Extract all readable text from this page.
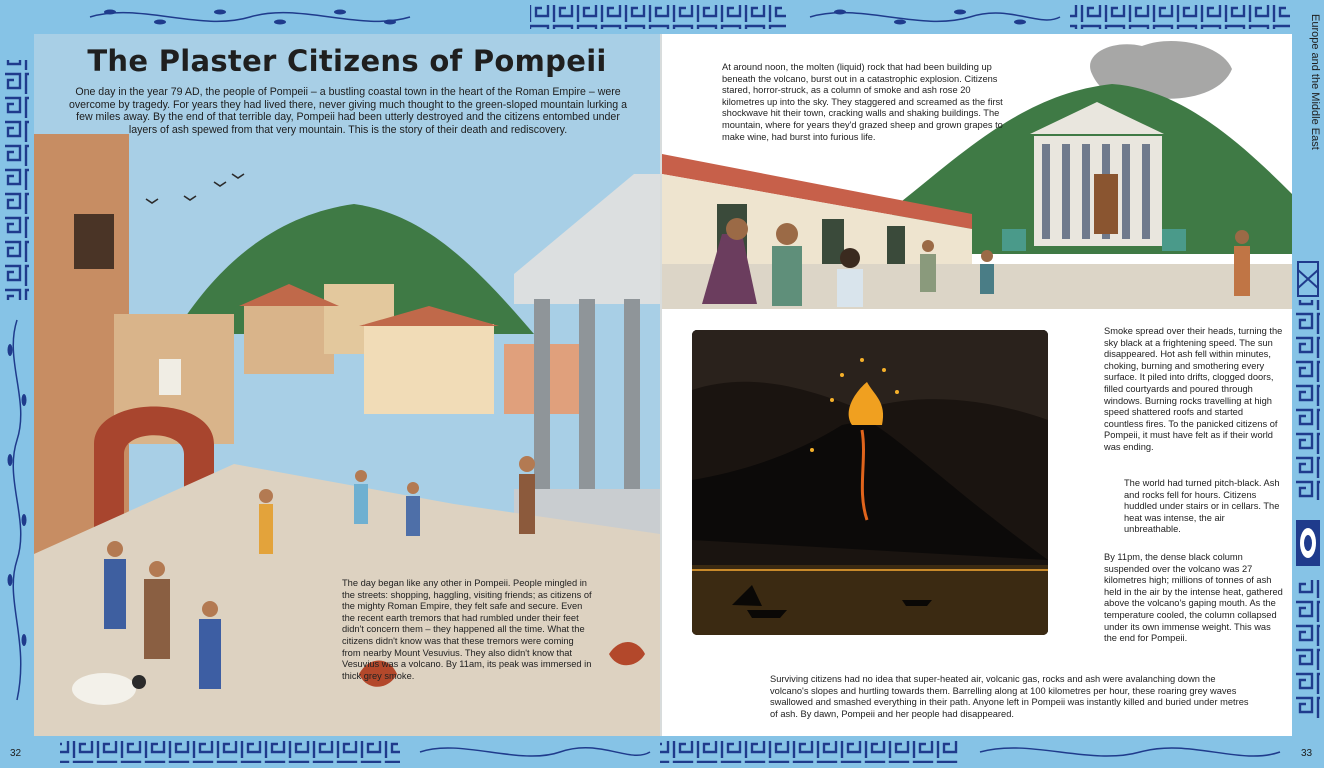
The Plaster Citizens of Pompeii
One day in the year 79 AD, the people of Pompeii – a bustling coastal town in the heart of the Roman Empire – were overcome by tragedy. For years they had lived there, never giving much thought to the green-sloped mountain lurking a few miles away. By the end of that terrible day, Pompeii had been utterly destroyed and the citizens entombed under layers of ash spewed from that very mountain. This is the story of their death and rediscovery.
The day began like any other in Pompeii. People mingled in the streets: shopping, haggling, visiting friends; as citizens of the mighty Roman Empire, they felt safe and secure. Even the recent earth tremors that had rumbled under their feet didn't concern them – they happened all the time. What the citizens didn't know was that these tremors were coming from nearby Mount Vesuvius. They also didn't know that Vesuvius was a volcano. By 11am, its peak was immersed in thick grey smoke.
At around noon, the molten (liquid) rock that had been building up beneath the volcano, burst out in a catastrophic explosion. Citizens stared, horror-struck, as a column of smoke and ash rose 20 kilometres up into the sky. They staggered and screamed as the first shockwave hit their town, cracking walls and shaking buildings. The mountain, where for years they'd grazed sheep and grown grapes to make wine, had burst into furious life.
Smoke spread over their heads, turning the sky black at a frightening speed. The sun disappeared. Hot ash fell within minutes, choking, burning and smothering every surface. It piled into drifts, clogged doors, filled courtyards and poured through windows. Burning rocks travelling at high speed shattered roofs and started countless fires. To the panicked citizens of Pompeii, it must have felt as if their world was ending.
The world had turned pitch-black. Ash and rocks fell for hours. Citizens huddled under stairs or in cellars. The heat was intense, the air unbreathable.
By 11pm, the dense black column suspended over the volcano was 27 kilometres high; millions of tonnes of ash held in the air by the intense heat, gathered above the volcano's gaping mouth. As the temperature cooled, the column collapsed under its own immense weight. This was the end for Pompeii.
Surviving citizens had no idea that super-heated air, volcanic gas, rocks and ash were avalanching down the volcano's slopes and hurtling towards them. Barrelling along at 100 kilometres per hour, these roaring grey waves swallowed and smashed everything in their path. Anyone left in Pompeii was instantly killed and buried under metres of ash. By dawn, Pompeii and her people had disappeared.
Europe and the Middle East
32	33
